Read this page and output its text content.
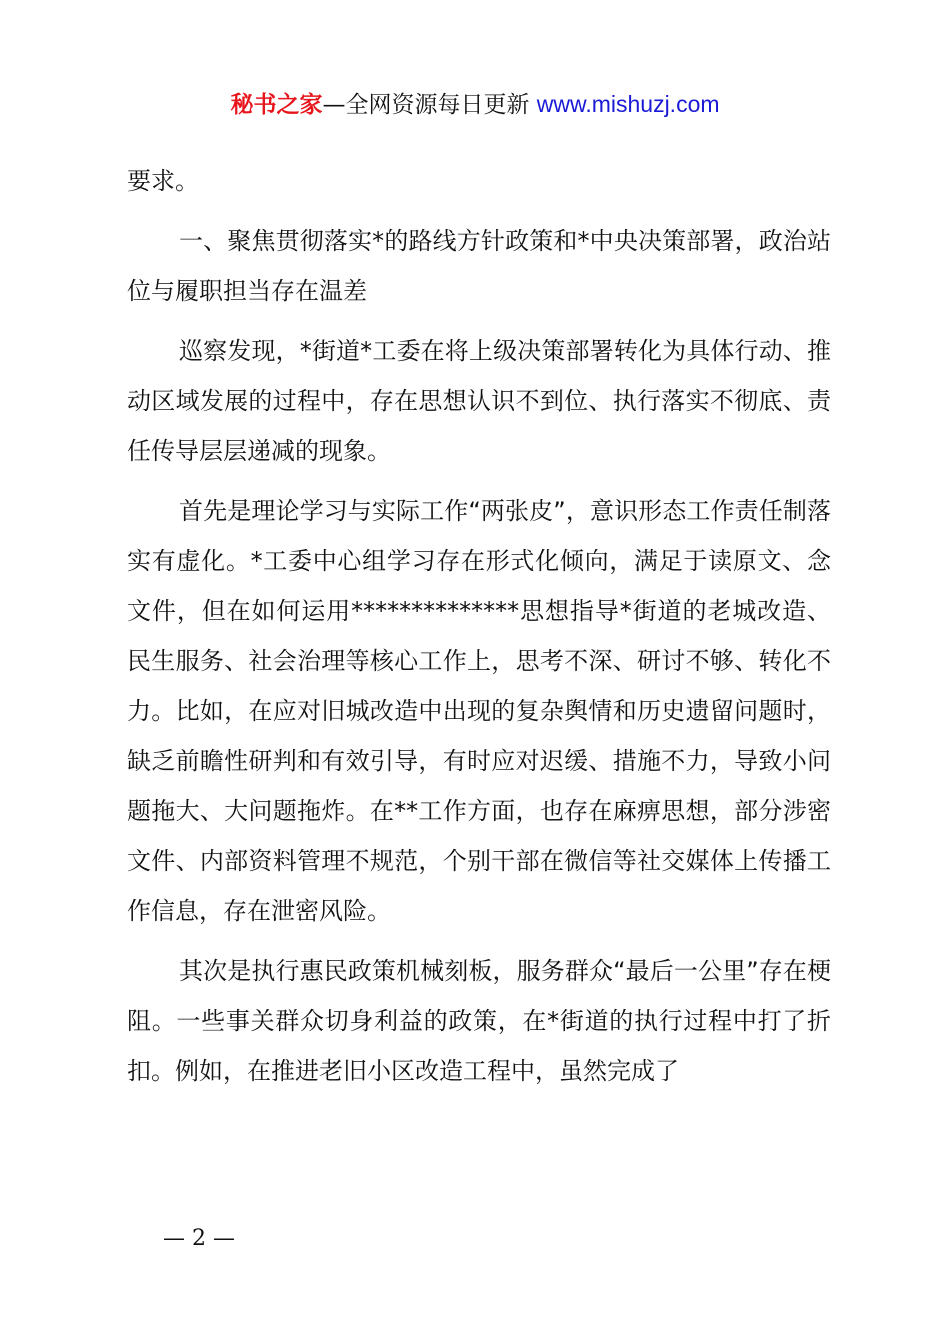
秘书之家—全网资源每日更新 www.mishuzj.com

要求。

一、聚焦贯彻落实*的路线方针政策和*中央决策部署，政治站位与履职担当存在温差

巡察发现，*街道*工委在将上级决策部署转化为具体行动、推动区域发展的过程中，存在思想认识不到位、执行落实不彻底、责任传导层层递减的现象。

首先是理论学习与实际工作“两张皮”，意识形态工作责任制落实有虚化。*工委中心组学习存在形式化倾向，满足于读原文、念文件，但在如何运用**************思想指导*街道的老城改造、民生服务、社会治理等核心工作上，思考不深、研讨不够、转化不力。比如，在应对旧城改造中出现的复杂舆情和历史遗留问题时，缺乏前瞻性研判和有效引导，有时应对迟缓、措施不力，导致小问题拖大、大问题拖炸。在**工作方面，也存在麻痹思想，部分涉密文件、内部资料管理不规范，个别干部在微信等社交媒体上传播工作信息，存在泄密风险。

其次是执行惠民政策机械刻板，服务群众“最后一公里”存在梗阻。一些事关群众切身利益的政策，在*街道的执行过程中打了折扣。例如，在推进老旧小区改造工程中，虽然完成了

— 2 —
